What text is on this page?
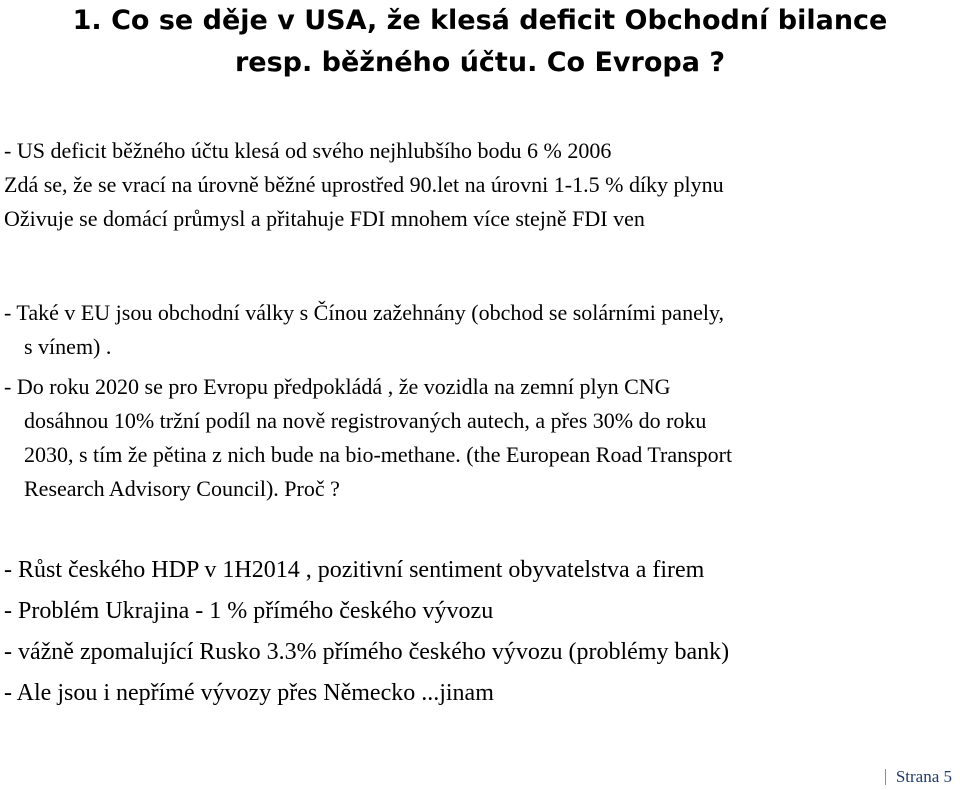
1. Co se děje v USA, že klesá deficit Obchodní bilance
resp. běžného účtu. Co Evropa ?
- US deficit běžného účtu klesá od svého nejhlubšího bodu 6 % 2006
Zdá se, že se vrací na úrovně běžné uprostřed 90.let na úrovni 1-1.5 % díky plynu
Oživuje se domácí průmysl a přitahuje FDI mnohem více stejně FDI ven
- Také v EU jsou obchodní války s Čínou zažehnány (obchod se solárními panely,
s vínem) .
- Do roku 2020 se pro Evropu předpokládá , že vozidla na zemní plyn CNG
dosáhnou 10% tržní podíl na nově registrovaných autech, a přes 30% do roku
2030, s tím že pětina z nich bude na bio-methane. (the European Road Transport
Research Advisory Council). Proč ?
- Růst českého HDP v 1H2014 , pozitivní sentiment obyvatelstva a firem
- Problém Ukrajina - 1 % přímého českého vývozu
- vážně zpomalující Rusko 3.3% přímého českého vývozu (problémy bank)
- Ale jsou i nepřímé vývozy přes Německo ...jinam
Strana 5
